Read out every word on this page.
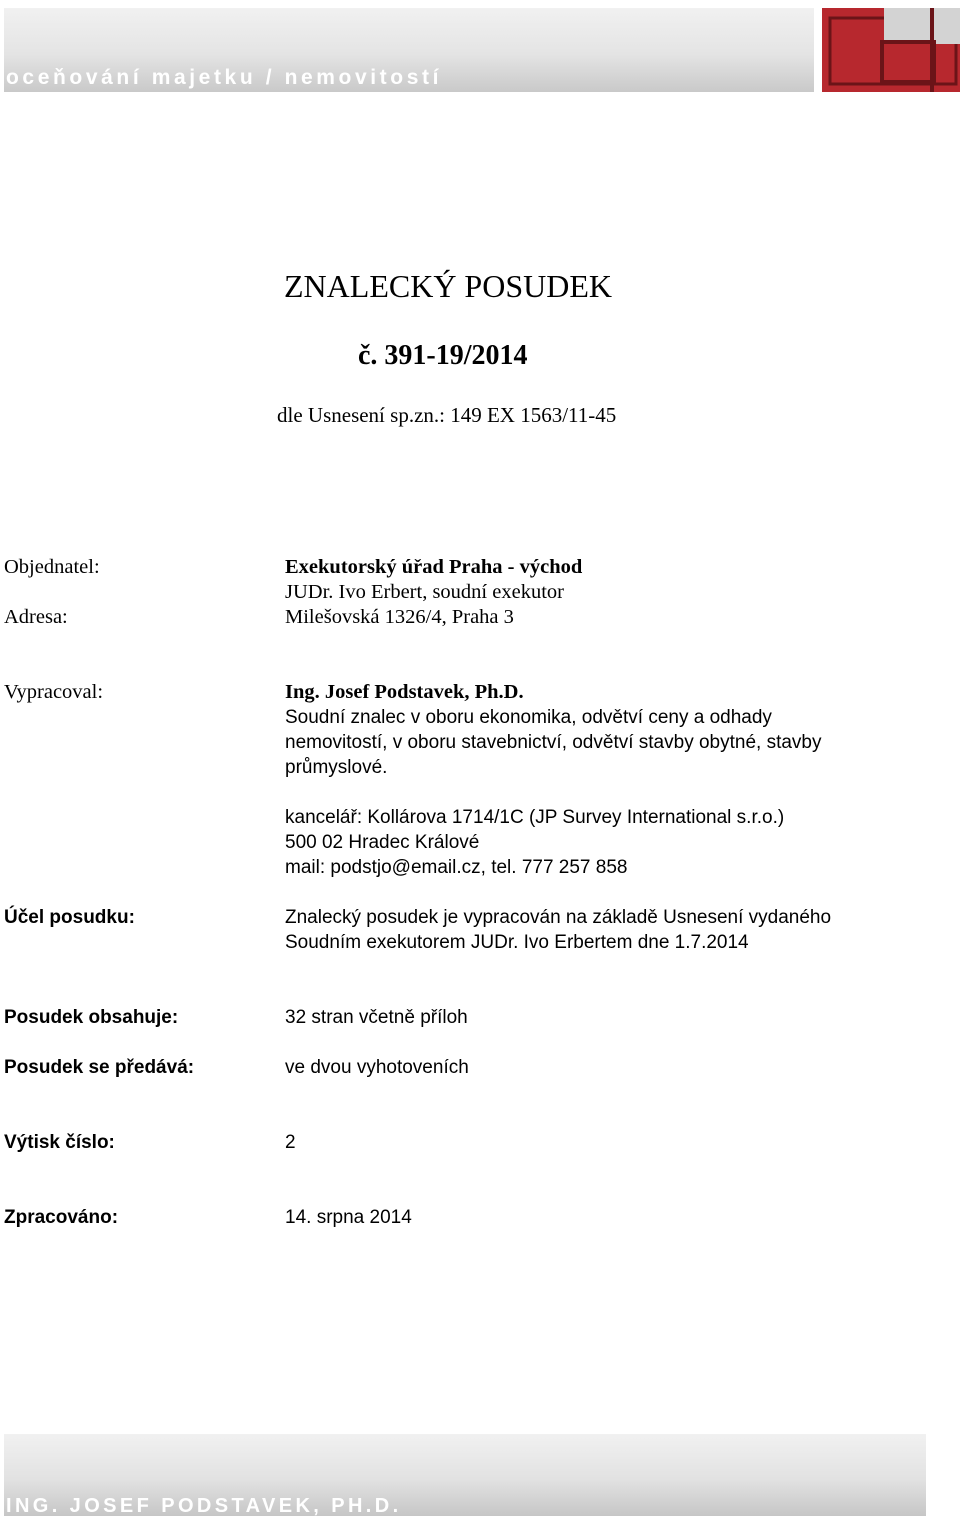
oceňování majetku / nemovitostí
ZNALECKÝ POSUDEK
č. 391-19/2014
dle Usnesení sp.zn.: 149 EX 1563/11-45
Objednatel:	Exekutorský úřad Praha - východ
JUDr. Ivo Erbert, soudní exekutor
Adresa:	Milešovská 1326/4, Praha 3
Vypracoval:	Ing. Josef Podstavek, Ph.D.
Soudní znalec v oboru ekonomika, odvětví ceny a odhady
nemovitostí, v oboru stavebnictví, odvětví stavby obytné, stavby
průmyslové.
kancelář: Kollárova 1714/1C (JP Survey International s.r.o.)
500 02 Hradec Králové
mail: podstjo@email.cz, tel. 777 257 858
Účel posudku:	Znalecký posudek je vypracován na základě Usnesení vydaného
Soudním exekutorem JUDr. Ivo Erbertem dne 1.7.2014
Posudek obsahuje:	32 stran včetně příloh
Posudek se předává:	ve dvou vyhotoveních
Výtisk číslo:	2
Zpracováno:	14. srpna 2014
ING. JOSEF PODSTAVEK, PH.D.
